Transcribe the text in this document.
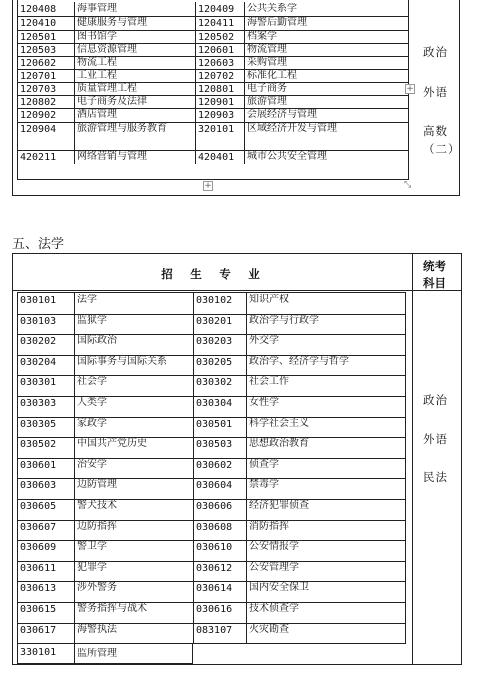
120408	海事管理	120409	公共关系学
120410	健康服务与管理	120411	海警后勤管理
120501	图书馆学	120502	档案学
120503	信息资源管理	120601	物流管理
120602	物流工程	120603	采购管理
120701	工业工程	120702	标准化工程
120703	质量管理工程	120801	电子商务
120802	电子商务及法律	120901	旅游管理
120902	酒店管理	120903	会展经济与管理
120904	旅游管理与服务教育	320101	区域经济开发与管理
420211	网络营销与管理	420401	城市公共安全管理
+
+	⤡
政治
外语
高数
（二）
五、法学
招　生　专　业
统考
科目
030101	法学	030102	知识产权
030103	监狱学	030201	政治学与行政学
030202	国际政治	030203	外交学
030204	国际事务与国际关系	030205	政治学、经济学与哲学
030301	社会学	030302	社会工作
030303	人类学	030304	女性学
030305	家政学	030501	科学社会主义
030502	中国共产党历史	030503	思想政治教育
030601	治安学	030602	侦查学
030603	边防管理	030604	禁毒学
030605	警犬技术	030606	经济犯罪侦查
030607	边防指挥	030608	消防指挥
030609	警卫学	030610	公安情报学
030611	犯罪学	030612	公安管理学
030613	涉外警务	030614	国内安全保卫
030615	警务指挥与战术	030616	技术侦查学
030617	海警执法	083107	火灾勘查
330101 监所管理
政治
外语
民法
